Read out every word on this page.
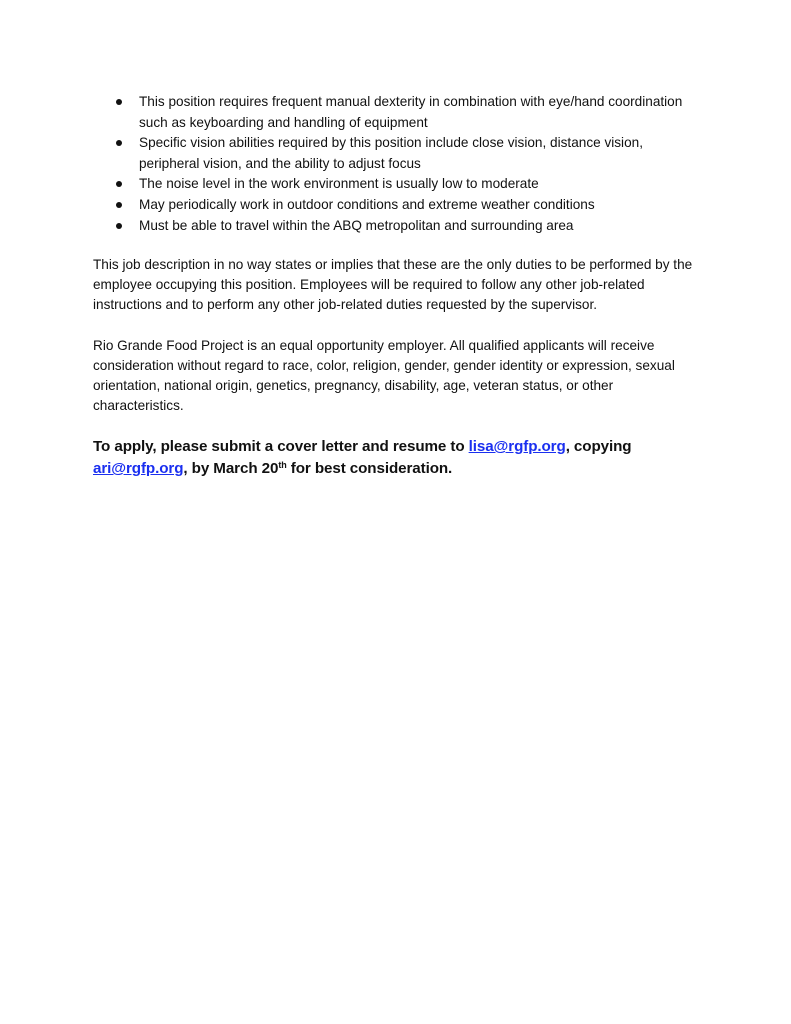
This position requires frequent manual dexterity in combination with eye/hand coordination such as keyboarding and handling of equipment
Specific vision abilities required by this position include close vision, distance vision, peripheral vision, and the ability to adjust focus
The noise level in the work environment is usually low to moderate
May periodically work in outdoor conditions and extreme weather conditions
Must be able to travel within the ABQ metropolitan and surrounding area

This job description in no way states or implies that these are the only duties to be performed by the employee occupying this position. Employees will be required to follow any other job-related instructions and to perform any other job-related duties requested by the supervisor.

Rio Grande Food Project is an equal opportunity employer. All qualified applicants will receive consideration without regard to race, color, religion, gender, gender identity or expression, sexual orientation, national origin, genetics, pregnancy, disability, age, veteran status, or other characteristics.

To apply, please submit a cover letter and resume to lisa@rgfp.org, copying ari@rgfp.org, by March 20th for best consideration.
